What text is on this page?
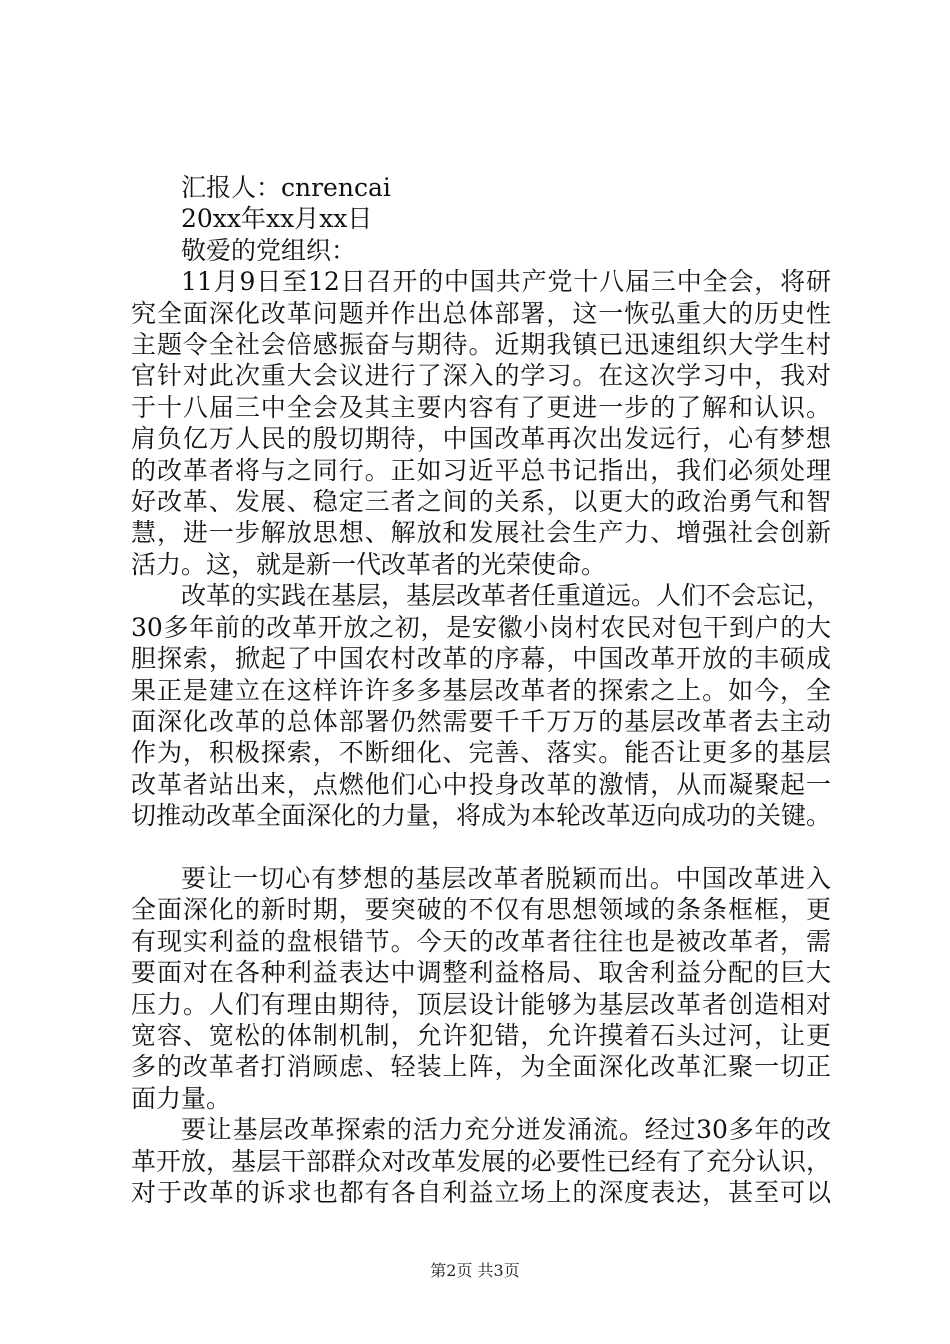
汇报人：cnrencai
20xx年xx月xx日
敬爱的党组织：
11月9日至12日召开的中国共产党十八届三中全会，将研
究全面深化改革问题并作出总体部署，这一恢弘重大的历史性
主题令全社会倍感振奋与期待。近期我镇已迅速组织大学生村
官针对此次重大会议进行了深入的学习。在这次学习中，我对
于十八届三中全会及其主要内容有了更进一步的了解和认识。
肩负亿万人民的殷切期待，中国改革再次出发远行，心有梦想
的改革者将与之同行。正如习近平总书记指出，我们必须处理
好改革、发展、稳定三者之间的关系，以更大的政治勇气和智
慧，进一步解放思想、解放和发展社会生产力、增强社会创新
活力。这，就是新一代改革者的光荣使命。
改革的实践在基层，基层改革者任重道远。人们不会忘记，
30多年前的改革开放之初，是安徽小岗村农民对包干到户的大
胆探索，掀起了中国农村改革的序幕，中国改革开放的丰硕成
果正是建立在这样许许多多基层改革者的探索之上。如今，全
面深化改革的总体部署仍然需要千千万万的基层改革者去主动
作为，积极探索，不断细化、完善、落实。能否让更多的基层
改革者站出来，点燃他们心中投身改革的激情，从而凝聚起一
切推动改革全面深化的力量，将成为本轮改革迈向成功的关键。
要让一切心有梦想的基层改革者脱颖而出。中国改革进入
全面深化的新时期，要突破的不仅有思想领域的条条框框，更
有现实利益的盘根错节。今天的改革者往往也是被改革者，需
要面对在各种利益表达中调整利益格局、取舍利益分配的巨大
压力。人们有理由期待，顶层设计能够为基层改革者创造相对
宽容、宽松的体制机制，允许犯错，允许摸着石头过河，让更
多的改革者打消顾虑、轻装上阵，为全面深化改革汇聚一切正
面力量。
要让基层改革探索的活力充分迸发涌流。经过30多年的改
革开放，基层干部群众对改革发展的必要性已经有了充分认识，
对于改革的诉求也都有各自利益立场上的深度表达，甚至可以
第2页 共3页
